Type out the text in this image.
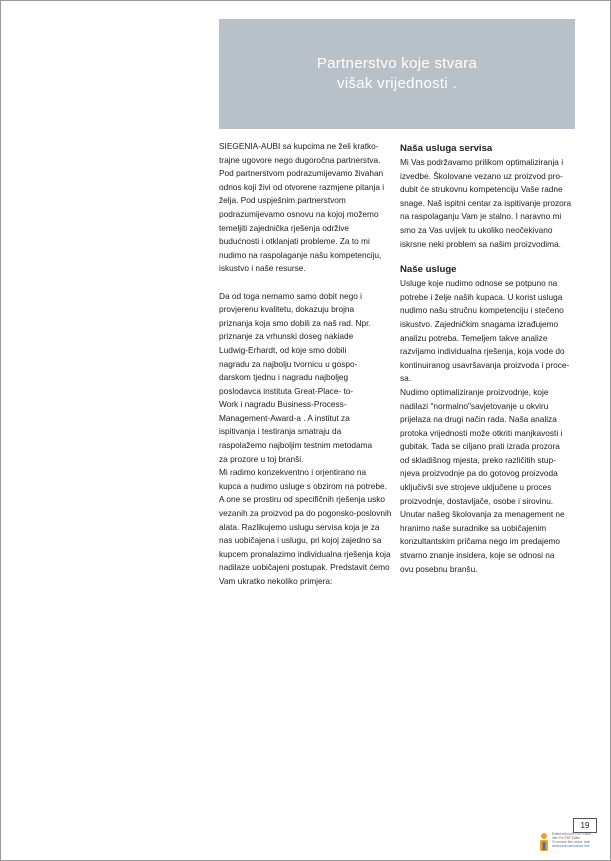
Partnerstvo koje stvara
višak vrijednosti .
SIEGENIA-AUBI sa kupcima ne želi kratko-
trajne ugovore nego dugoročna partnerstva.
Pod partnerstvom podrazumijevamo živahan
odnos koji živi od otvorene razmjene pitanja i
želja. Pod uspješnim partnerstvom
podrazumijevamo osnovu na kojoj možemo
temeljiti zajednička rješenja održive
budućnosti i otklanjati probleme. Za to mi
nudimo na raspolaganje našu kompetenciju,
iskustvo i naše resurse.
Da od toga nemamo samo dobit nego i
provjerenu kvalitetu, dokazuju brojna
priznanja koja smo dobili za naš rad. Npr.
priznanje za vrhunski doseg nakiade
Ludwig-Erhardt, od koje smo dobili
nagradu za najbolju tvornicu u gospo-
darskom tjednu i nagradu najboljeg
poslodavca institutа Great-Place- to-
Work i nagradu Business-Process-
Management-Award-a . A institut za
ispitivanja i testiranja smatraju da
raspolažemo najboljim testnim metodama
za prozore u toj branši.
Mi radimo konzekventno i orjentirano na
kupca a nudimo usluge s obzirom na potrebe.
A one se prostiru od specifičnih rješenja usko
vezanih za proizvod pa do pogonsko-poslovnih
alata. Razlikujemo uslugu servisa koja je za
nas uobičajena i uslugu, pri kojoj zajedno sa
kupcem pronalazimo individualna rješenja koja
nadilaze uobičajeni postupak. Predstavit ćemo
Vam ukratko nekoliko primjera:
Naša usluga servisa
Mi Vas podržavamo prilikom optimaliziranja i
izvedbe. Školovane vezano uz proizvod pro-
dubit će strukovnu kompetenciju Vaše radne
snage. Naš ispitni centar za ispitivanje prozora
na raspolaganju Vam je stalno. I naravno mi
smo za Vas uvijek tu ukoliko neočekivano
iskrsne neki problem sa našim proizvodima.
Naše usluge
Usluge koje nudimo odnose se potpuno na
potrebe i želje naših kupaca. U korist usluga
nudimo našu stručnu kompetenciju i stečeno
iskustvo. Zajedničkim snagama izrađujemo
analizu potreba. Temeljem takve analize
razvijamo individualna rješenja, koja vode do
kontinuiranog usavršavanja proizvoda i proce-
sa.
Nudimo optimaliziranje proizvodnje, koje
nadilazi "normalno"savjetovanje u okviru
prijelaza na drugi način rada. Naša analiza
protoka vrijednosti može otkriti manjkavosti i
gubitak. Tada se ciljano prati izrada prozora
od skladišnog mjesta, preko različitih stup-
njeva proizvodnje pa do gotovog proizvoda
uključivši sve strojeve uključene u proces
proizvodnje, dostavljače, osobe i sirovinu.
Unutar našeg školovanja za menagement ne
hranimo naše suradnike sa uobičajenim
konzultantskim pričama nego im predajemo
stvarno znanje insidera, koje se odnosi na
ovu posebnu branšu.
19
Edited with Infix PDF Editor -
Infix Pro PDF Editor
To remove this notice, visit:
www.iceni.com/unlock.htm
